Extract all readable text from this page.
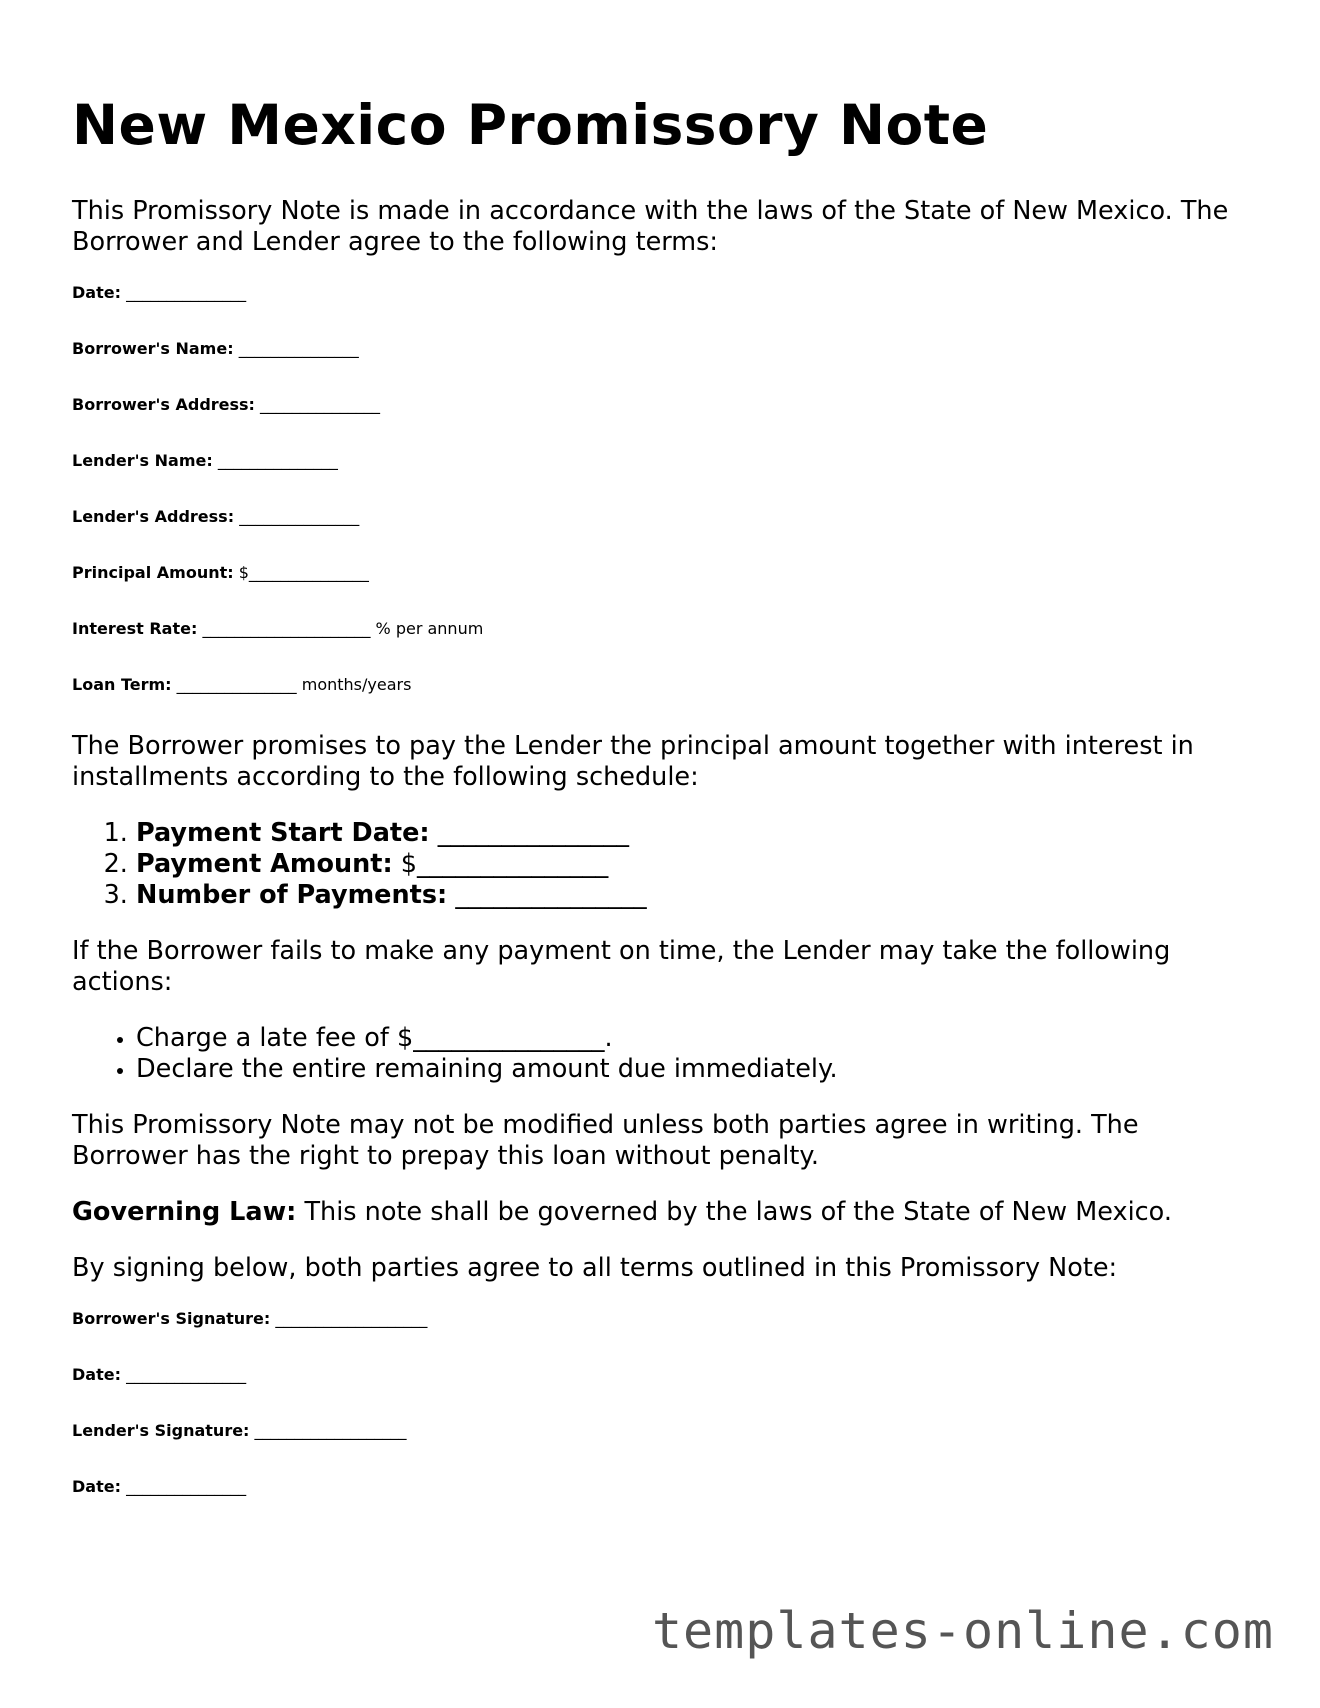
New Mexico Promissory Note

This Promissory Note is made in accordance with the laws of the State of New Mexico. The Borrower and Lender agree to the following terms:

Date: _______________
Borrower's Name: _______________
Borrower's Address: _______________
Lender's Name: _______________
Lender's Address: _______________
Principal Amount: $_______________
Interest Rate: _____________________ % per annum
Loan Term: _______________ months/years

The Borrower promises to pay the Lender the principal amount together with interest in installments according to the following schedule:

1. Payment Start Date: _______________
2. Payment Amount: $_______________
3. Number of Payments: _______________

If the Borrower fails to make any payment on time, the Lender may take the following actions:

• Charge a late fee of $_______________.
• Declare the entire remaining amount due immediately.

This Promissory Note may not be modified unless both parties agree in writing. The Borrower has the right to prepay this loan without penalty.

Governing Law: This note shall be governed by the laws of the State of New Mexico.

By signing below, both parties agree to all terms outlined in this Promissory Note:

Borrower's Signature: ___________________
Date: _______________
Lender's Signature: ___________________
Date: _______________
templates-online.com
